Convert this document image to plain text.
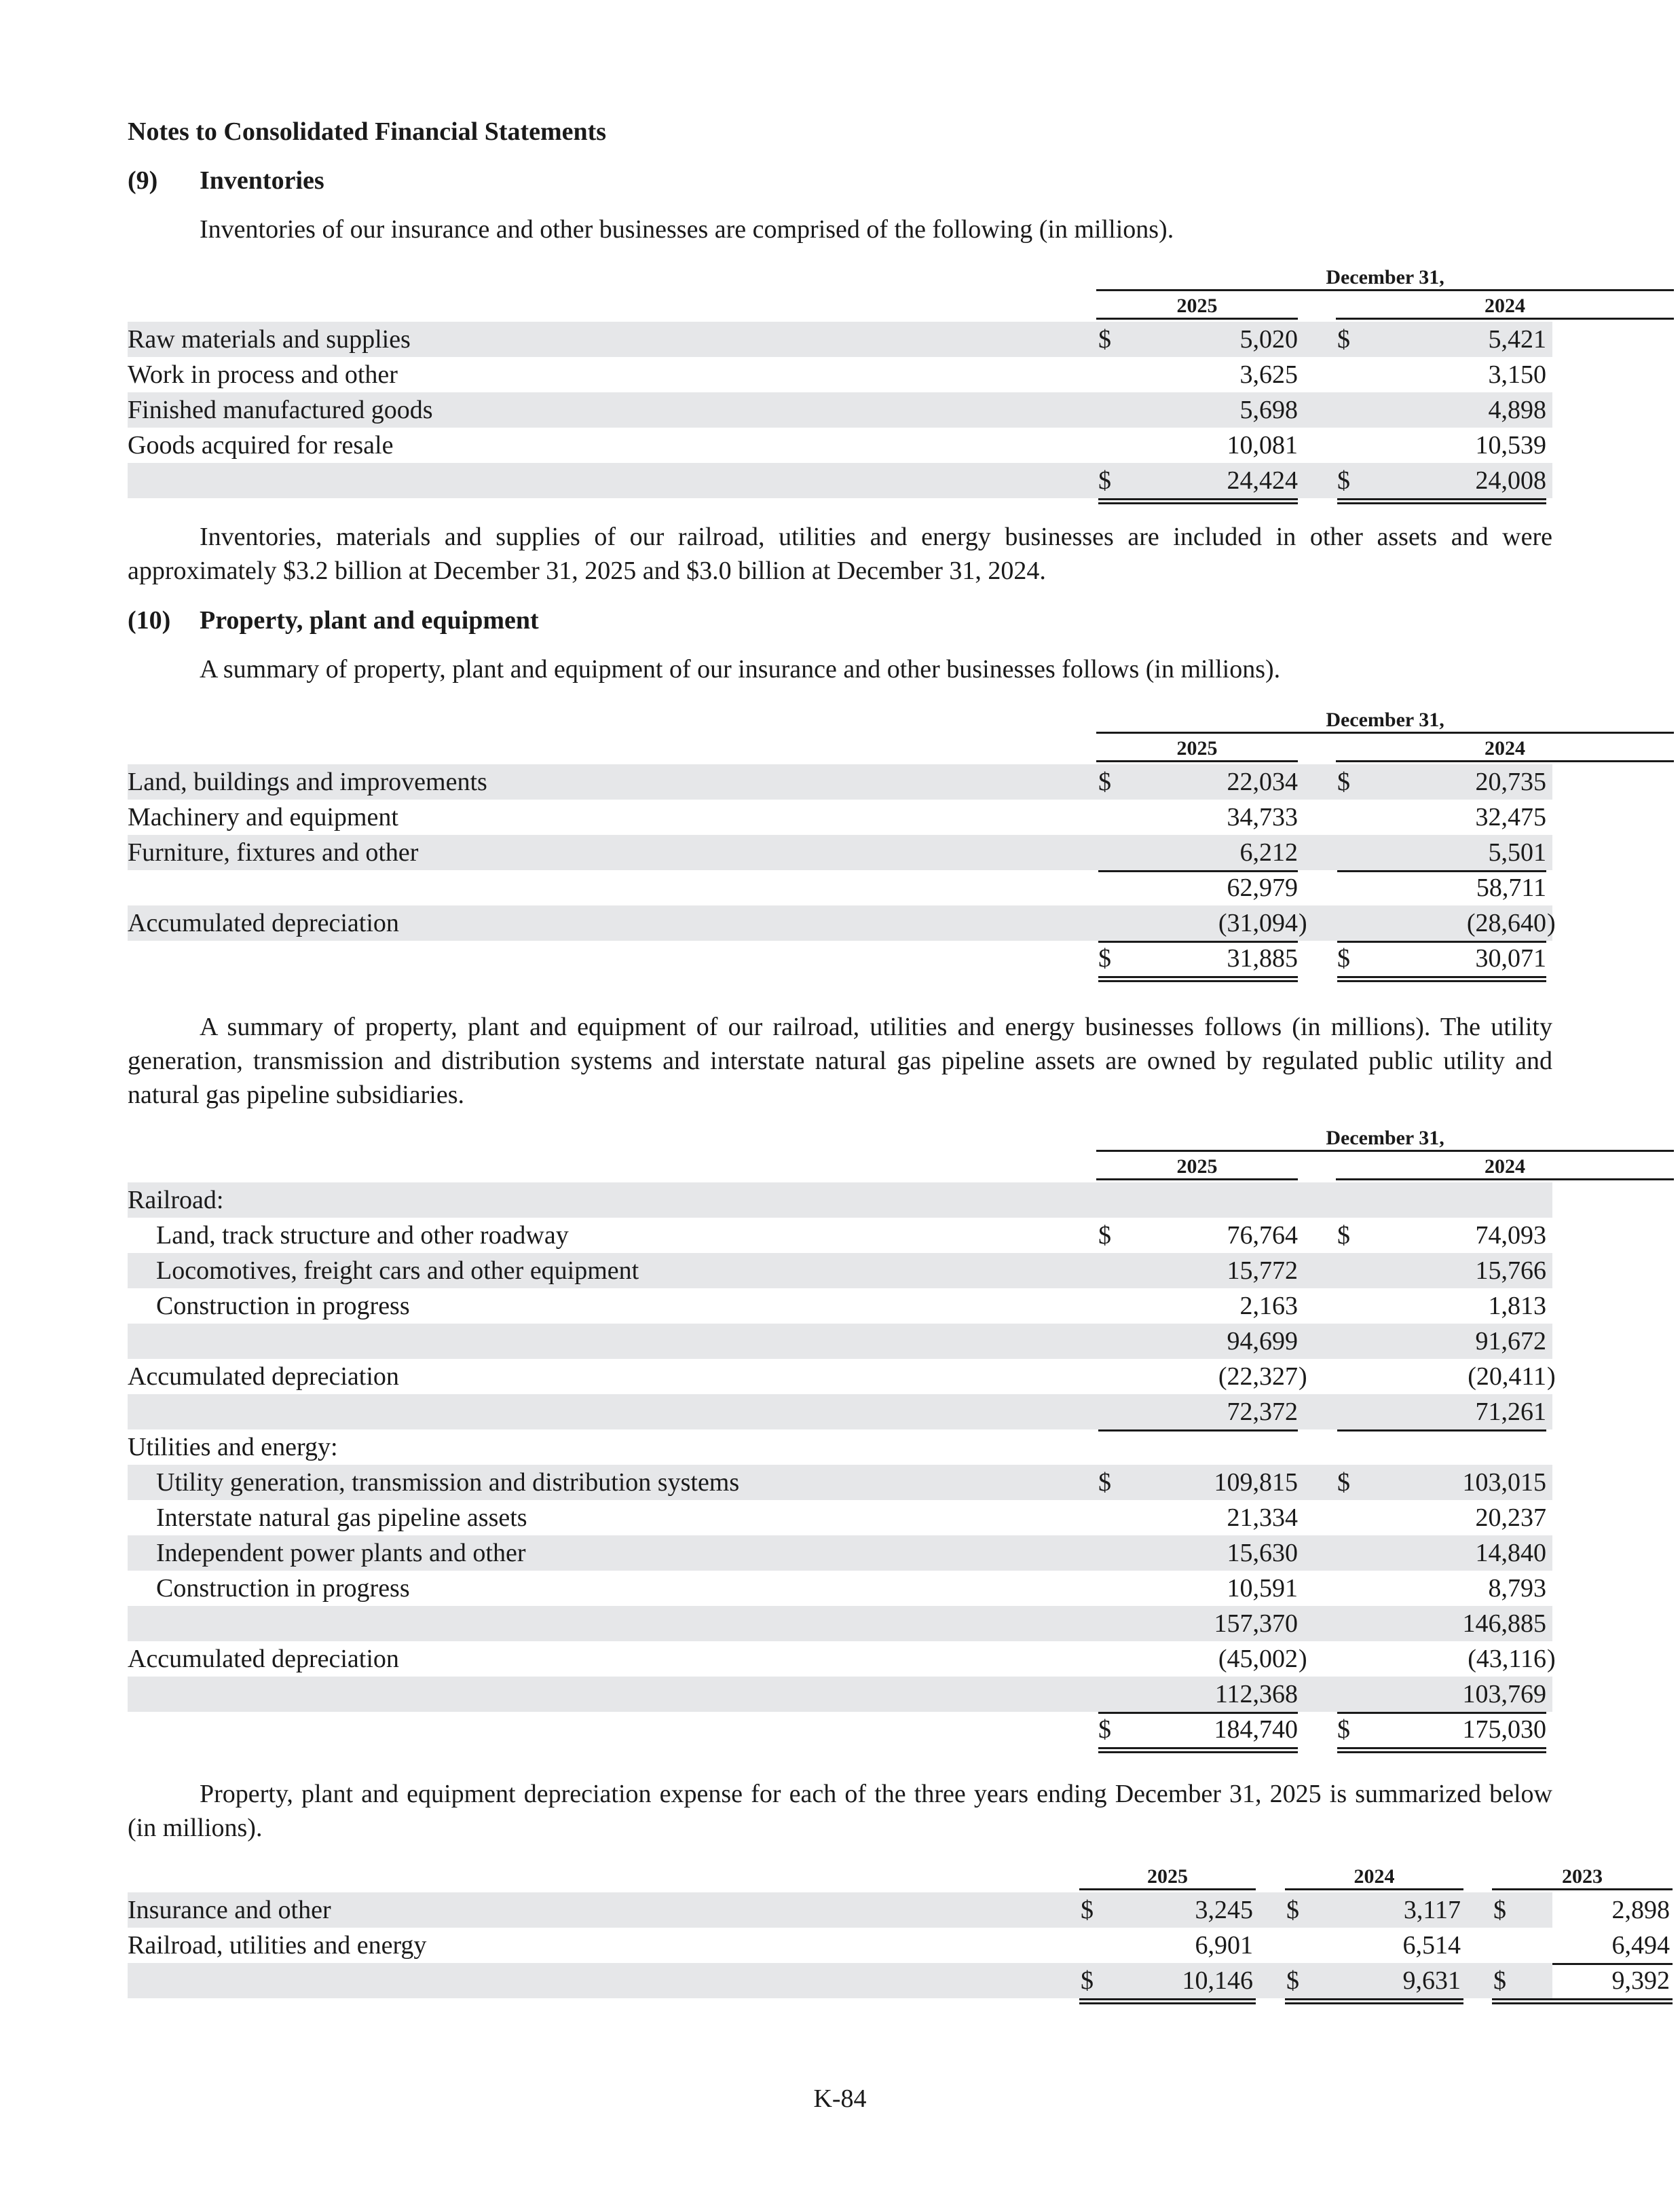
Notes to Consolidated Financial Statements
(9) Inventories
Inventories of our insurance and other businesses are comprised of the following (in millions).
December 31,
2025	2024
Raw materials and supplies	$	5,020 $	5,421
Work in process and other	3,625	3,150
Finished manufactured goods	5,698	4,898
Goods acquired for resale	10,081	10,539
$	24,424 $	24,008
Inventories, materials and supplies of our railroad, utilities and energy businesses are included in other assets and were approximately $3.2 billion at December 31, 2025 and $3.0 billion at December 31, 2024.
(10) Property, plant and equipment
A summary of property, plant and equipment of our insurance and other businesses follows (in millions).
December 31,
2025	2024
Land, buildings and improvements	$	22,034 $	20,735
Machinery and equipment	34,733	32,475
Furniture, fixtures and other	6,212	5,501
62,979	58,711
Accumulated depreciation	(31,094 )	(28,640 )
$	31,885 $	30,071
A summary of property, plant and equipment of our railroad, utilities and energy businesses follows (in millions). The utility generation, transmission and distribution systems and interstate natural gas pipeline assets are owned by regulated public utility and natural gas pipeline subsidiaries.
December 31,
2025	2024
Railroad:
Land, track structure and other roadway	$	76,764 $	74,093
Locomotives, freight cars and other equipment	15,772	15,766
Construction in progress	2,163	1,813
94,699	91,672
Accumulated depreciation	(22,327 )	(20,411 )
72,372	71,261
Utilities and energy:
Utility generation, transmission and distribution systems	$	109,815 $	103,015
Interstate natural gas pipeline assets	21,334	20,237
Independent power plants and other	15,630	14,840
Construction in progress	10,591	8,793
157,370	146,885
Accumulated depreciation	(45,002 )	(43,116 )
112,368	103,769
$	184,740 $	175,030
Property, plant and equipment depreciation expense for each of the three years ending December 31, 2025 is summarized below (in millions).
2025	2024	2023
Insurance and other	$	3,245 $	3,117 $	2,898
Railroad, utilities and energy	6,901	6,514	6,494
$	10,146 $	9,631 $	9,392
K-84
